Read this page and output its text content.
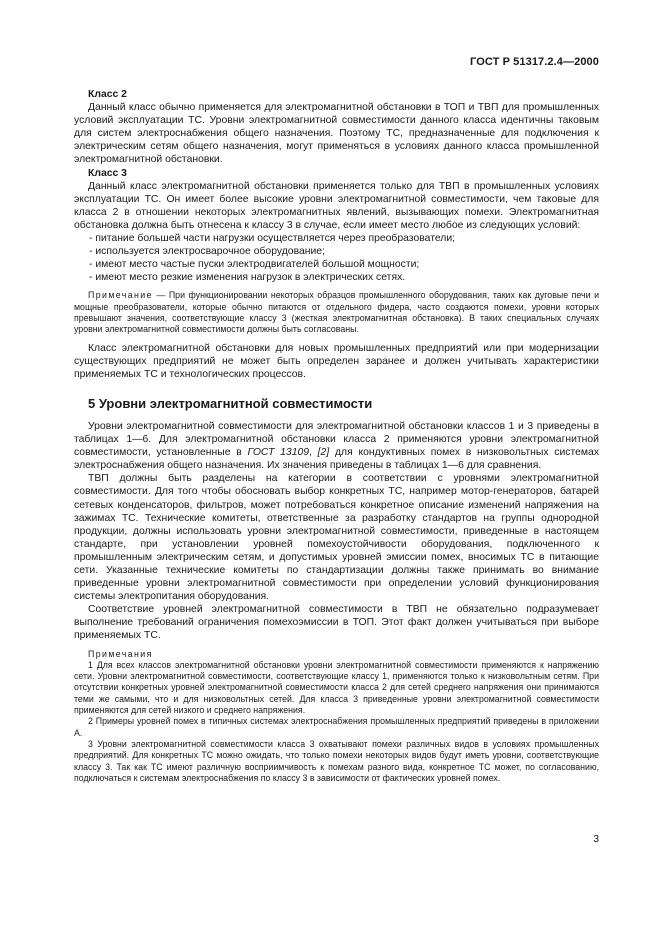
ГОСТ Р 51317.2.4—2000

Класс 2

Данный класс обычно применяется для электромагнитной обстановки в ТОП и ТВП для промышленных условий эксплуатации ТС. Уровни электромагнитной совместимости данного класса идентичны таковым для систем электроснабжения общего назначения. Поэтому ТС, предназначенные для подключения к электрическим сетям общего назначения, могут применяться в условиях данного класса промышленной электромагнитной обстановки.

Класс 3

Данный класс электромагнитной обстановки применяется только для ТВП в промышленных условиях эксплуатации ТС. Он имеет более высокие уровни электромагнитной совместимости, чем таковые для класса 2 в отношении некоторых электромагнитных явлений, вызывающих помехи. Электромагнитная обстановка должна быть отнесена к классу 3 в случае, если имеет место любое из следующих условий:

- питание большей части нагрузки осуществляется через преобразователи;
- используется электросварочное оборудование;
- имеют место частые пуски электродвигателей большой мощности;
- имеют место резкие изменения нагрузок в электрических сетях.

Примечание — При функционировании некоторых образцов промышленного оборудования, таких как дуговые печи и мощные преобразователи, которые обычно питаются от отдельного фидера, часто создаются помехи, уровни которых превышают значения, соответствующие классу 3 (жесткая электромагнитная обстановка). В таких специальных случаях уровни электромагнитной совместимости должны быть согласованы.

Класс электромагнитной обстановки для новых промышленных предприятий или при модернизации существующих предприятий не может быть определен заранее и должен учитывать характеристики применяемых ТС и технологических процессов.

5 Уровни электромагнитной совместимости

Уровни электромагнитной совместимости для электромагнитной обстановки классов 1 и 3 приведены в таблицах 1—6. Для электромагнитной обстановки класса 2 применяются уровни электромагнитной совместимости, установленные в ГОСТ 13109, [2] для кондуктивных помех в низковольтных системах электроснабжения общего назначения. Их значения приведены в таблицах 1—6 для сравнения.

ТВП должны быть разделены на категории в соответствии с уровнями электромагнитной совместимости. Для того чтобы обосновать выбор конкретных ТС, например мотор-генераторов, батарей сетевых конденсаторов, фильтров, может потребоваться конкретное описание изменений напряжения на зажимах ТС. Технические комитеты, ответственные за разработку стандартов на группы однородной продукции, должны использовать уровни электромагнитной совместимости, приведенные в настоящем стандарте, при установлении уровней помехоустойчивости оборудования, подключенного к промышленным электрическим сетям, и допустимых уровней эмиссии помех, вносимых ТС в питающие сети. Указанные технические комитеты по стандартизации должны также принимать во внимание приведенные уровни электромагнитной совместимости при определении условий функционирования системы электропитания оборудования.

Соответствие уровней электромагнитной совместимости в ТВП не обязательно подразумевает выполнение требований ограничения помехоэмиссии в ТОП. Этот факт должен учитываться при выборе применяемых ТС.

Примечания

1 Для всех классов электромагнитной обстановки уровни электромагнитной совместимости применяются к напряжению сети. Уровни электромагнитной совместимости, соответствующие классу 1, применяются только к низковольтным сетям. При отсутствии конкретных уровней электромагнитной совместимости класса 2 для сетей среднего напряжения они принимаются теми же самыми, что и для низковольтных сетей. Для класса 3 приведенные уровни электромагнитной совместимости применяются для сетей низкого и среднего напряжения.

2 Примеры уровней помех в типичных системах электроснабжения промышленных предприятий приведены в приложении А.

3 Уровни электромагнитной совместимости класса 3 охватывают помехи различных видов в условиях промышленных предприятий. Для конкретных ТС можно ожидать, что только помехи некоторых видов будут иметь уровни, соответствующие классу 3. Так как ТС имеют различную восприимчивость к помехам разного вида, конкретное ТС может, по согласованию, подключаться к системам электроснабжения по классу 3 в зависимости от фактических уровней помех.

3
